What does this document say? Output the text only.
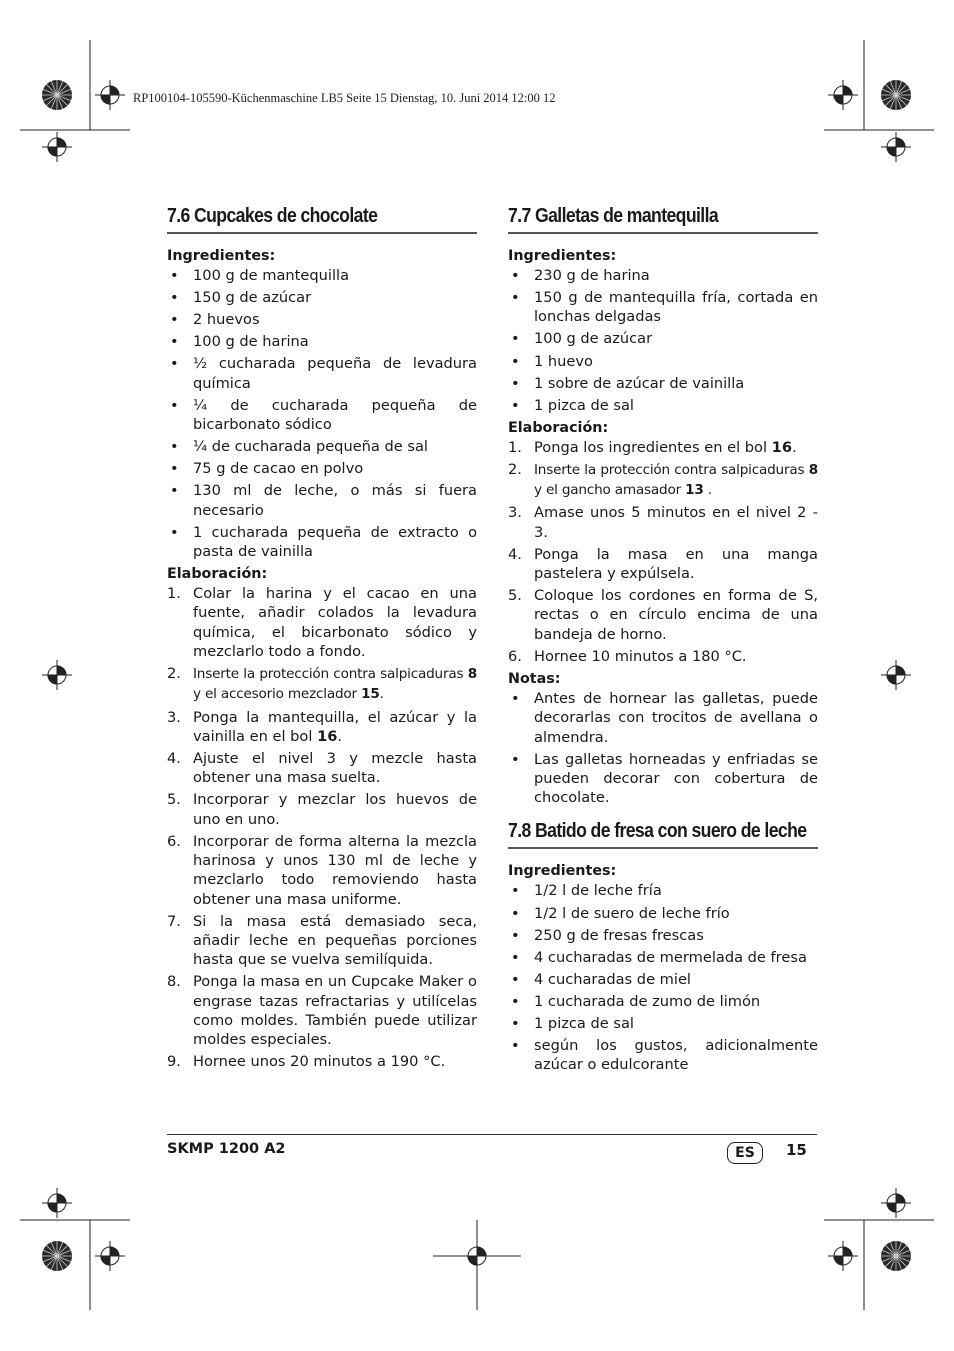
RP100104-105590-Küchenmaschine LB5 Seite 15 Dienstag, 10. Juni 2014 12:00 12
7.6 Cupcakes de chocolate

Ingredientes:

• 100 g de mantequilla
• 150 g de azúcar
• 2 huevos
• 100 g de harina
• ½ cucharada pequeña de levadura química
• ¼ de cucharada pequeña de bicarbonato sódico
• ¼ de cucharada pequeña de sal
• 75 g de cacao en polvo
• 130 ml de leche, o más si fuera necesario
• 1 cucharada pequeña de extracto o pasta de vainilla

Elaboración:

1. Colar la harina y el cacao en una fuente, añadir colados la levadura química, el bicarbonato sódico y mezclarlo todo a fondo.
2. Inserte la protección contra salpicaduras 8 y el accesorio mezclador 15.
3. Ponga la mantequilla, el azúcar y la vainilla en el bol 16.
4. Ajuste el nivel 3 y mezcle hasta obtener una masa suelta.
5. Incorporar y mezclar los huevos de uno en uno.
6. Incorporar de forma alterna la mezcla harinosa y unos 130 ml de leche y mezclarlo todo removiendo hasta obtener una masa uniforme.
7. Si la masa está demasiado seca, añadir leche en pequeñas porciones hasta que se vuelva semilíquida.
8. Ponga la masa en un Cupcake Maker o engrase tazas refractarias y utilícelas como moldes. También puede utilizar moldes especiales.
9. Hornee unos 20 minutos a 190 °C.
7.7 Galletas de mantequilla

Ingredientes:

• 230 g de harina
• 150 g de mantequilla fría, cortada en lonchas delgadas
• 100 g de azúcar
• 1 huevo
• 1 sobre de azúcar de vainilla
• 1 pizca de sal

Elaboración:

1. Ponga los ingredientes en el bol 16.
2. Inserte la protección contra salpicaduras 8 y el gancho amasador 13 .
3. Amase unos 5 minutos en el nivel 2 - 3.
4. Ponga la masa en una manga pastelera y expúlsela.
5. Coloque los cordones en forma de S, rectas o en círculo encima de una bandeja de horno.
6. Hornee 10 minutos a 180 °C.

Notas:

• Antes de hornear las galletas, puede decorarlas con trocitos de avellana o almendra.
• Las galletas horneadas y enfriadas se pueden decorar con cobertura de chocolate.
7.8 Batido de fresa con suero de leche

Ingredientes:

• 1/2 l de leche fría
• 1/2 l de suero de leche frío
• 250 g de fresas frescas
• 4 cucharadas de mermelada de fresa
• 4 cucharadas de miel
• 1 cucharada de zumo de limón
• 1 pizca de sal
• según los gustos, adicionalmente azúcar o edulcorante
SKMP 1200 A2	ES	15
